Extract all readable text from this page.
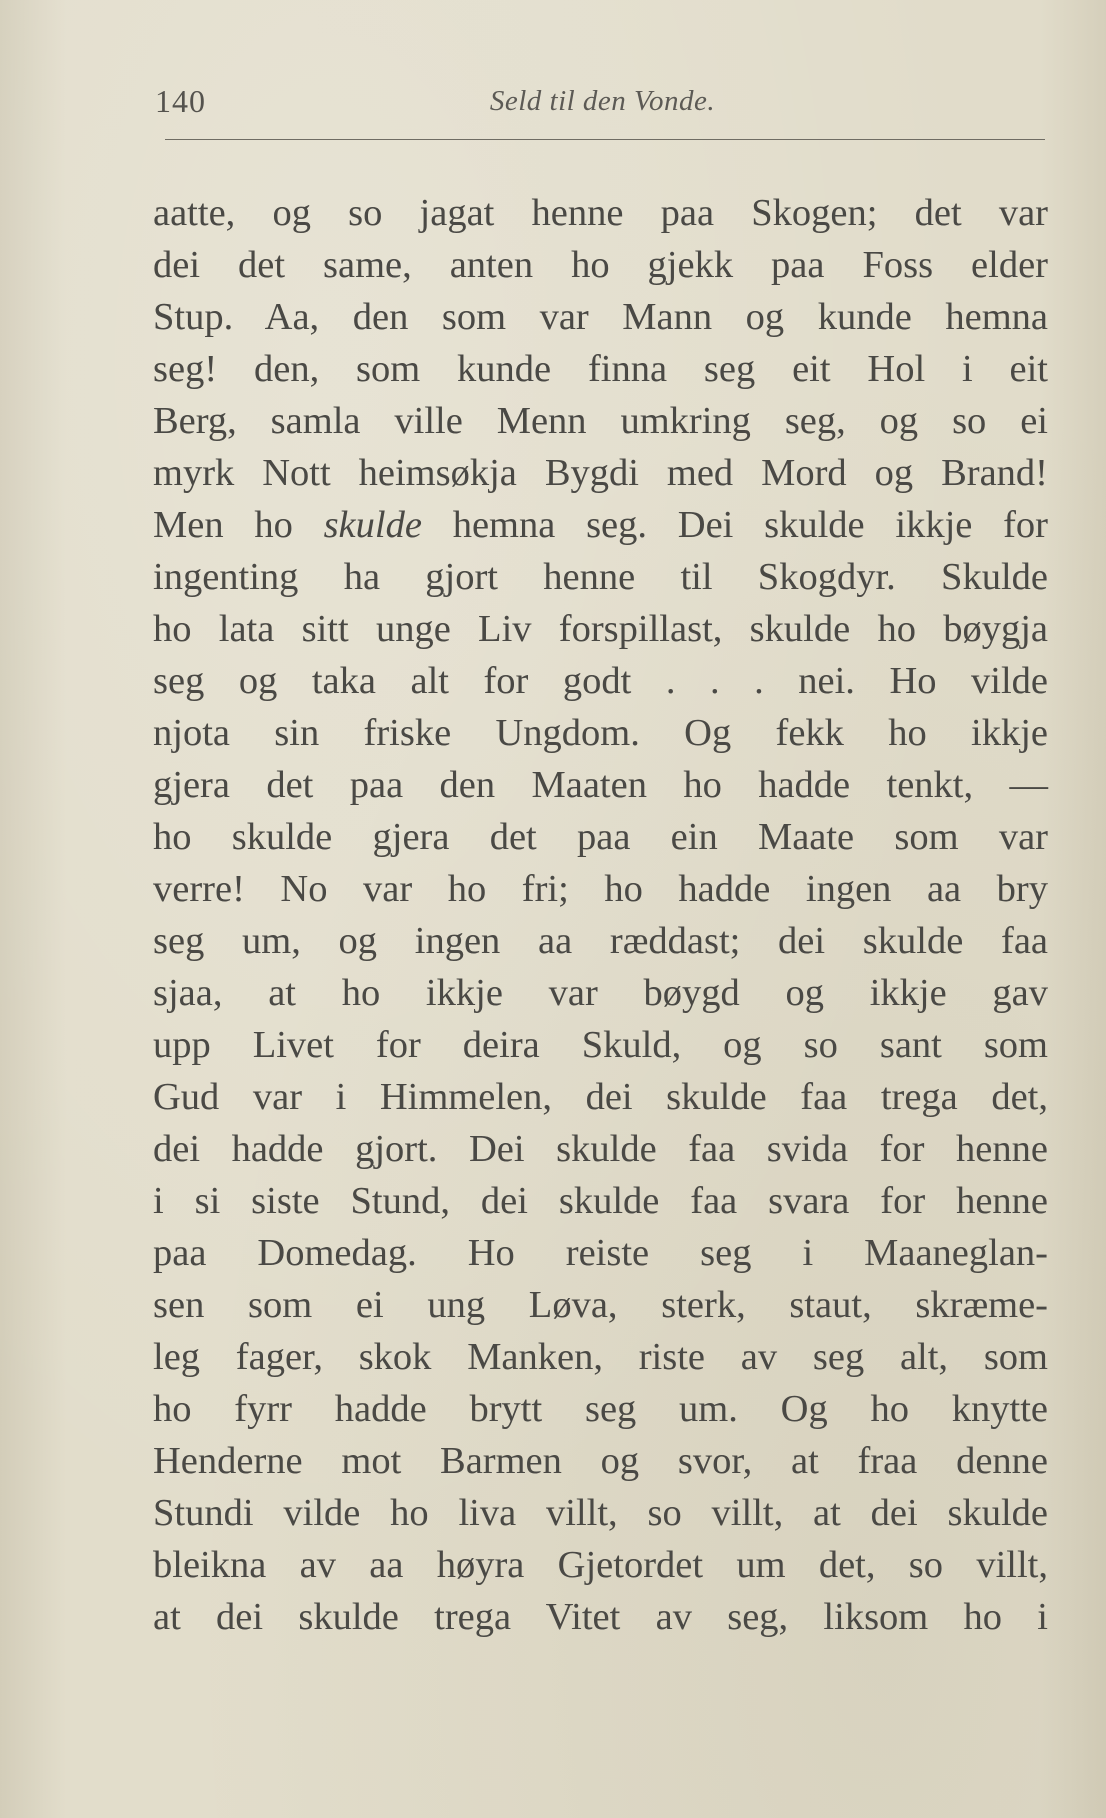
140	Seld til den Vonde.
aatte, og so jagat henne paa Skogen; det var
dei det same, anten ho gjekk paa Foss elder
Stup. Aa, den som var Mann og kunde hemna
seg! den, som kunde finna seg eit Hol i eit
Berg, samla ville Menn umkring seg, og so ei
myrk Nott heimsøkja Bygdi med Mord og Brand!
Men ho skulde hemna seg. Dei skulde ikkje for
ingenting ha gjort henne til Skogdyr. Skulde
ho lata sitt unge Liv forspillast, skulde ho bøygja
seg og taka alt for godt . . . nei. Ho vilde
njota sin friske Ungdom. Og fekk ho ikkje
gjera det paa den Maaten ho hadde tenkt, —
ho skulde gjera det paa ein Maate som var
verre! No var ho fri; ho hadde ingen aa bry
seg um, og ingen aa ræddast; dei skulde faa
sjaa, at ho ikkje var bøygd og ikkje gav
upp Livet for deira Skuld, og so sant som
Gud var i Himmelen, dei skulde faa trega det,
dei hadde gjort. Dei skulde faa svida for henne
i si siste Stund, dei skulde faa svara for henne
paa Domedag. Ho reiste seg i Maaneglan-
sen som ei ung Løva, sterk, staut, skræme-
leg fager, skok Manken, riste av seg alt, som
ho fyrr hadde brytt seg um. Og ho knytte
Henderne mot Barmen og svor, at fraa denne
Stundi vilde ho liva villt, so villt, at dei skulde
bleikna av aa høyra Gjetordet um det, so villt,
at dei skulde trega Vitet av seg, liksom ho i
